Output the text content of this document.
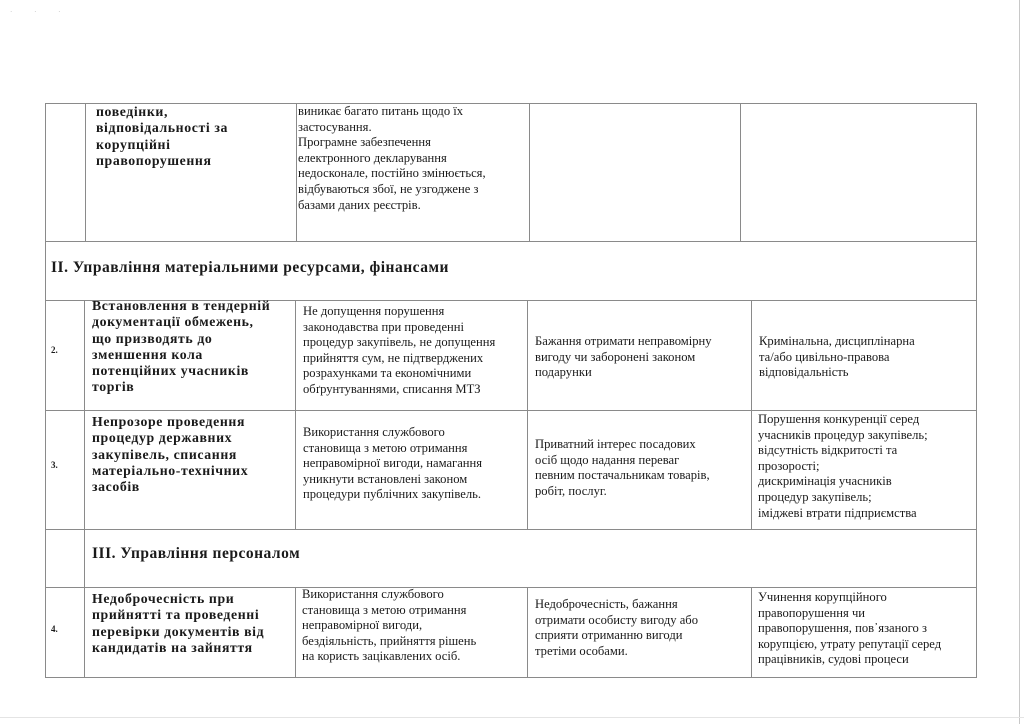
· · ·
поведінки,
відповідальності за
корупційні
правопорушення
виникає багато питань щодо їх
застосування.
Програмне забезпечення
електронного декларування
недосконале, постійно змінюється,
відбуваються збої, не узгоджене з
базами даних реєстрів.
II. Управління матеріальними ресурсами, фінансами
2.
Встановлення в тендерній
документації обмежень,
що призводять до
зменшення кола
потенційних учасників
торгів
Не допущення порушення
законодавства при проведенні
процедур закупівель, не допущення
прийняття сум, не підтверджених
розрахунками та економічними
обґрунтуваннями, списання МТЗ
Бажання отримати неправомірну
вигоду чи заборонені законом
подарунки
Кримінальна, дисциплінарна
та/або цивільно-правова
відповідальність
3.
Непрозоре проведення
процедур державних
закупівель, списання
матеріально-технічних
засобів
Використання службового
становища з метою отримання
неправомірної вигоди, намагання
уникнути встановлені законом
процедури публічних закупівель.
Приватний інтерес посадових
осіб щодо надання переваг
певним постачальникам товарів,
робіт, послуг.
Порушення конкуренції серед
учасників процедур закупівель;
відсутність відкритості та
прозорості;
дискримінація учасників
процедур закупівель;
іміджеві втрати підприємства
III. Управління персоналом
4.
Недоброчесність при
прийнятті та проведенні
перевірки документів від
кандидатів на зайняття
Використання службового
становища з метою отримання
неправомірної вигоди,
бездіяльність, прийняття рішень
на користь зацікавлених осіб.
Недоброчесність, бажання
отримати особисту вигоду або
сприяти отриманню вигоди
третіми особами.
Учинення корупційного
правопорушення чи
правопорушення, пов᾿язаного з
корупцією, утрату репутації серед
працівників, судові процеси
